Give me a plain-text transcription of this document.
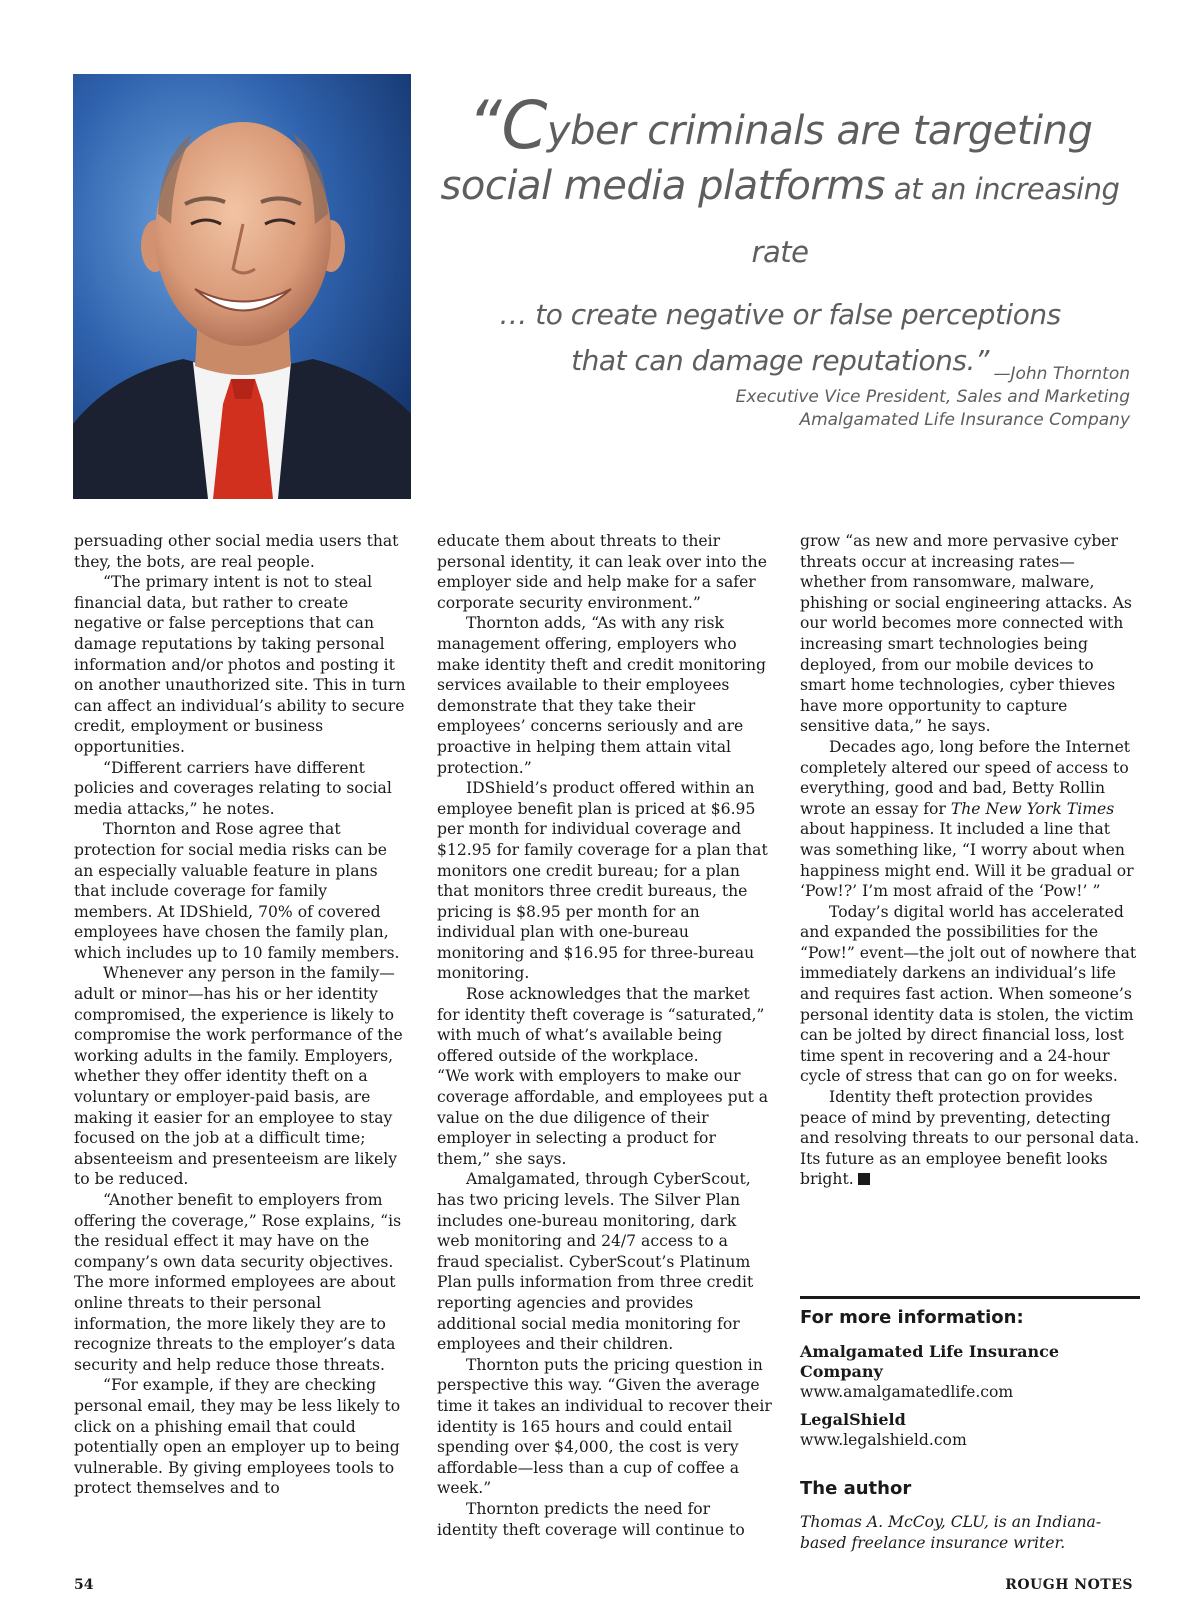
“Cyber criminals are targeting
social media platforms at an increasing rate
… to create negative or false perceptions
that can damage reputations.” —John Thornton
Executive Vice President, Sales and Marketing
Amalgamated Life Insurance Company

persuading other social media users that they, the bots, are real people.

“The primary intent is not to steal financial data, but rather to create negative or false perceptions that can damage reputations by taking personal information and/or photos and posting it on another unauthorized site. This in turn can affect an individual’s ability to secure credit, employment or business opportunities.

“Different carriers have different policies and coverages relating to social media attacks,” he notes.

Thornton and Rose agree that protection for social media risks can be an especially valuable feature in plans that include coverage for family members. At IDShield, 70% of covered employees have chosen the family plan, which includes up to 10 family members.

Whenever any person in the family—adult or minor—has his or her identity compromised, the experience is likely to compromise the work performance of the working adults in the family. Employers, whether they offer identity theft on a voluntary or employer-paid basis, are making it easier for an employee to stay focused on the job at a difficult time; absenteeism and presenteeism are likely to be reduced.

“Another benefit to employers from offering the coverage,” Rose explains, “is the residual effect it may have on the company’s own data security objectives. The more informed employees are about online threats to their personal information, the more likely they are to recognize threats to the employer’s data security and help reduce those threats.

“For example, if they are checking personal email, they may be less likely to click on a phishing email that could potentially open an employer up to being vulnerable. By giving employees tools to protect themselves and to

educate them about threats to their personal identity, it can leak over into the employer side and help make for a safer corporate security environment.”

Thornton adds, “As with any risk management offering, employers who make identity theft and credit monitoring services available to their employees demonstrate that they take their employees’ concerns seriously and are proactive in helping them attain vital protection.”

IDShield’s product offered within an employee benefit plan is priced at $6.95 per month for individual coverage and $12.95 for family coverage for a plan that monitors one credit bureau; for a plan that monitors three credit bureaus, the pricing is $8.95 per month for an individual plan with one-bureau monitoring and $16.95 for three-bureau monitoring.

Rose acknowledges that the market for identity theft coverage is “saturated,” with much of what’s available being offered outside of the workplace.

“We work with employers to make our coverage affordable, and employees put a value on the due diligence of their employer in selecting a product for them,” she says.

Amalgamated, through CyberScout, has two pricing levels. The Silver Plan includes one-bureau monitoring, dark web monitoring and 24/7 access to a fraud specialist. CyberScout’s Platinum Plan pulls information from three credit reporting agencies and provides additional social media monitoring for employees and their children.

Thornton puts the pricing question in perspective this way. “Given the average time it takes an individual to recover their identity is 165 hours and could entail spending over $4,000, the cost is very affordable—less than a cup of coffee a week.”

Thornton predicts the need for identity theft coverage will continue to

grow “as new and more pervasive cyber threats occur at increasing rates—whether from ransomware, malware, phishing or social engineering attacks. As our world becomes more connected with increasing smart technologies being deployed, from our mobile devices to smart home technologies, cyber thieves have more opportunity to capture sensitive data,” he says.

Decades ago, long before the Internet completely altered our speed of access to everything, good and bad, Betty Rollin wrote an essay for The New York Times about happiness. It included a line that was something like, “I worry about when happiness might end. Will it be gradual or ‘Pow!?’ I’m most afraid of the ‘Pow!’ ”

Today’s digital world has accelerated and expanded the possibilities for the “Pow!” event—the jolt out of nowhere that immediately darkens an individual’s life and requires fast action. When someone’s personal identity data is stolen, the victim can be jolted by direct financial loss, lost time spent in recovering and a 24-hour cycle of stress that can go on for weeks.

Identity theft protection provides peace of mind by preventing, detecting and resolving threats to our personal data. Its future as an employee benefit looks bright.

For more information:
Amalgamated Life Insurance Company
www.amalgamatedlife.com
LegalShield
www.legalshield.com
The author
Thomas A. McCoy, CLU, is an Indiana-based freelance insurance writer.
54	ROUGH NOTES
